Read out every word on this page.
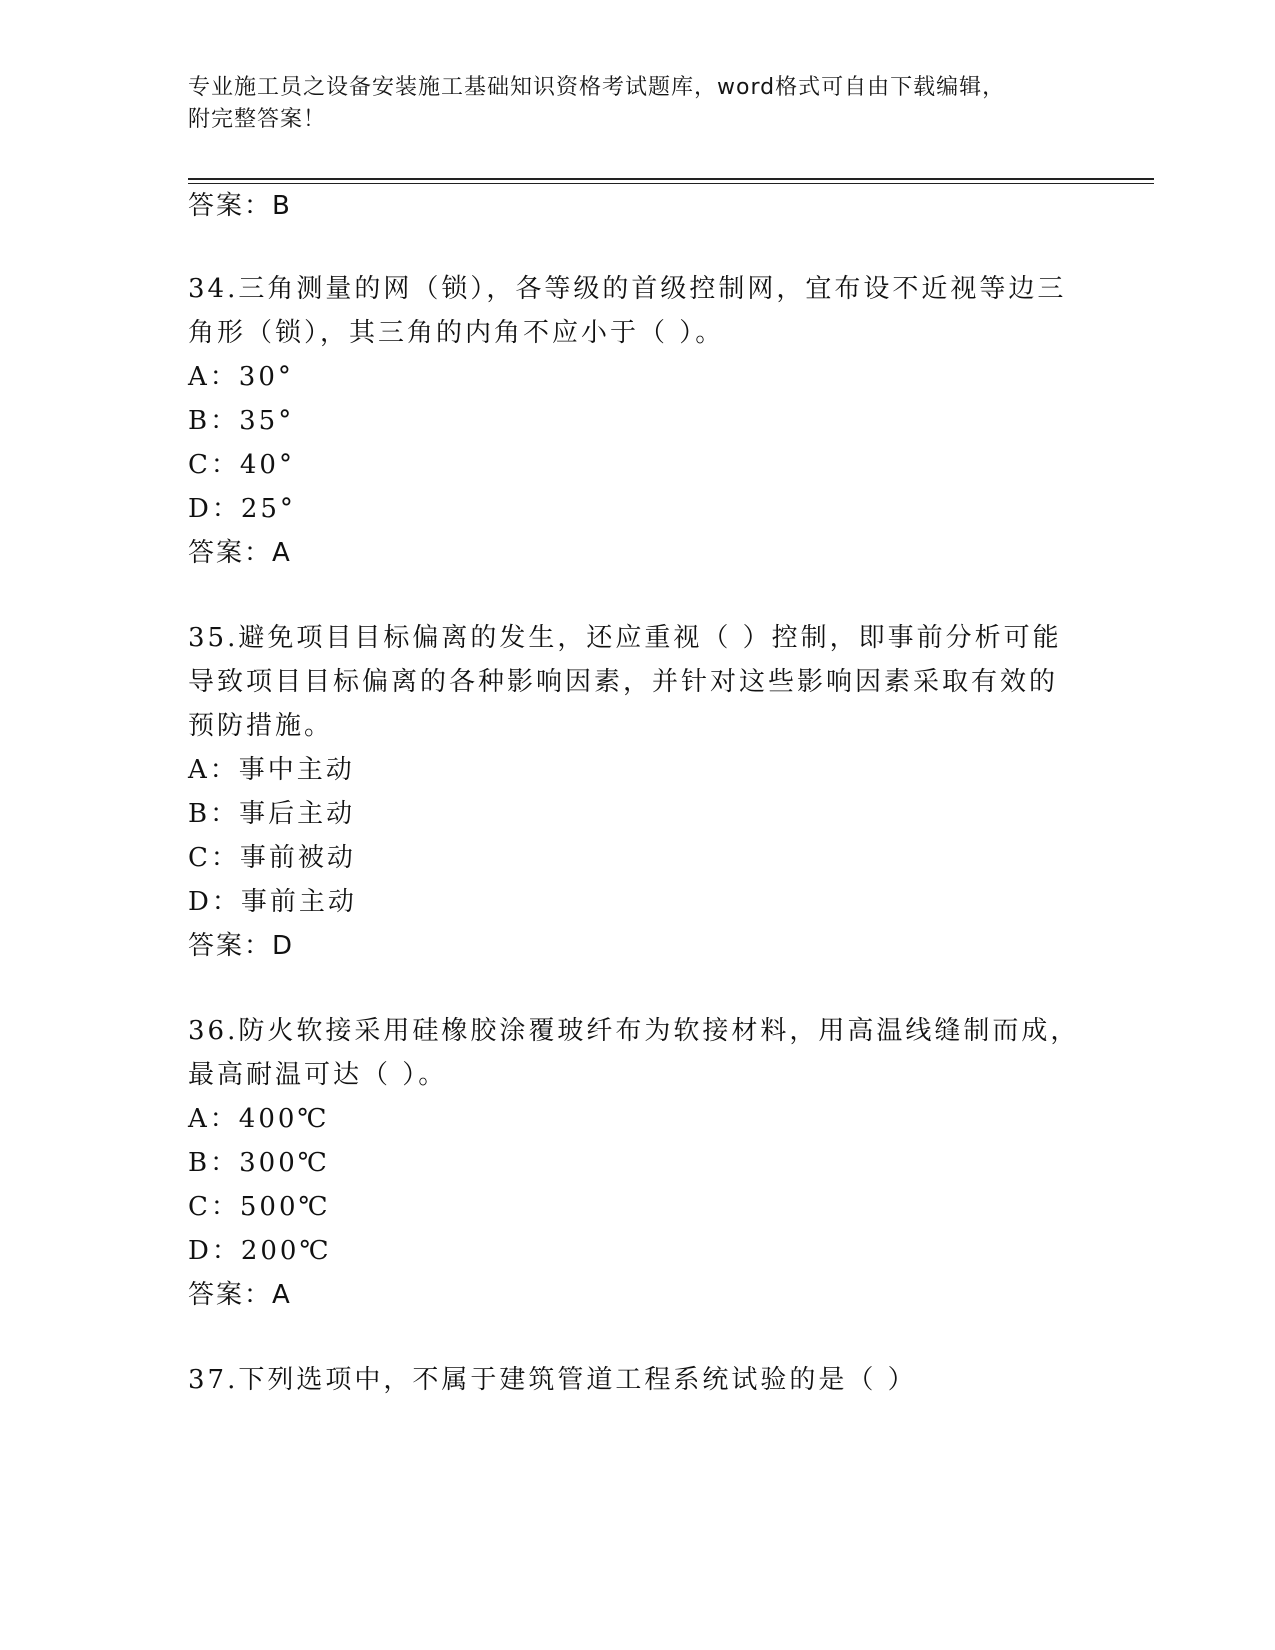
专业施工员之设备安装施工基础知识资格考试题库，word格式可自由下载编辑，
附完整答案！
答案：B
34.三角测量的网（锁），各等级的首级控制网，宜布设不近视等边三
角形（锁），其三角的内角不应小于（ ）。
A：30°
B：35°
C：40°
D：25°
答案：A
35.避免项目目标偏离的发生，还应重视（ ）控制，即事前分析可能
导致项目目标偏离的各种影响因素，并针对这些影响因素采取有效的
预防措施。
A：事中主动
B：事后主动
C：事前被动
D：事前主动
答案：D
36.防火软接采用硅橡胶涂覆玻纤布为软接材料，用高温线缝制而成，
最高耐温可达（ ）。
A：400℃
B：300℃
C：500℃
D：200℃
答案：A
37.下列选项中，不属于建筑管道工程系统试验的是（ ）
